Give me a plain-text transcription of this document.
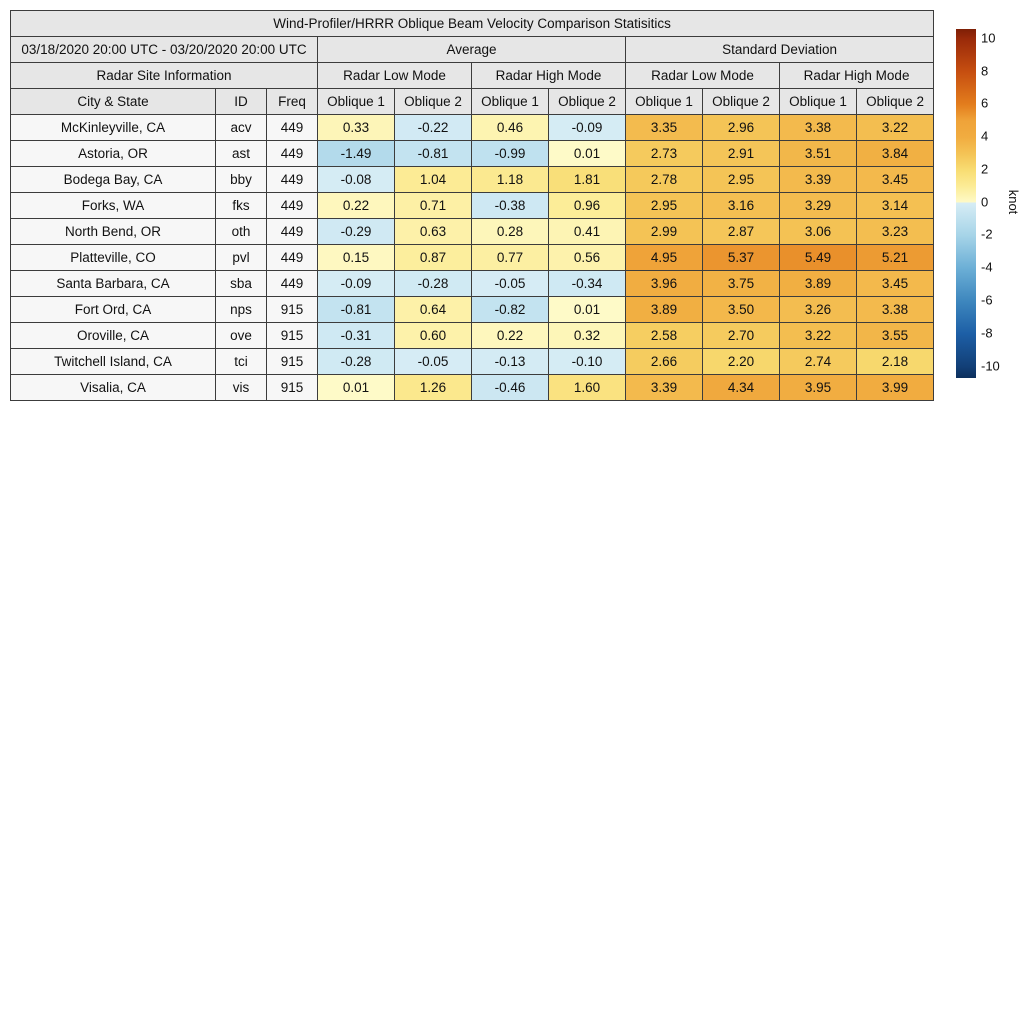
Wind-Profiler/HRRR Oblique Beam Velocity Comparison Statisitics										
03/18/2020 20:00 UTC - 03/20/2020 20:00 UTC			Average				Standard Deviation			
Radar Site Information			Radar Low Mode		Radar High Mode		Radar Low Mode		Radar High Mode	
City & State	ID	Freq	Oblique 1	Oblique 2	Oblique 1	Oblique 2	Oblique 1	Oblique 2	Oblique 1	Oblique 2
McKinleyville, CA	acv	449	0.33	-0.22	0.46	-0.09	3.35	2.96	3.38	3.22
Astoria, OR	ast	449	-1.49	-0.81	-0.99	0.01	2.73	2.91	3.51	3.84
Bodega Bay, CA	bby	449	-0.08	1.04	1.18	1.81	2.78	2.95	3.39	3.45
Forks, WA	fks	449	0.22	0.71	-0.38	0.96	2.95	3.16	3.29	3.14
North Bend, OR	oth	449	-0.29	0.63	0.28	0.41	2.99	2.87	3.06	3.23
Platteville, CO	pvl	449	0.15	0.87	0.77	0.56	4.95	5.37	5.49	5.21
Santa Barbara, CA	sba	449	-0.09	-0.28	-0.05	-0.34	3.96	3.75	3.89	3.45
Fort Ord, CA	nps	915	-0.81	0.64	-0.82	0.01	3.89	3.50	3.26	3.38
Oroville, CA	ove	915	-0.31	0.60	0.22	0.32	2.58	2.70	3.22	3.55
Twitchell Island, CA	tci	915	-0.28	-0.05	-0.13	-0.10	2.66	2.20	2.74	2.18
Visalia, CA	vis	915	0.01	1.26	-0.46	1.60	3.39	4.34	3.95	3.99
10
8
6
4
2
0
-2
-4
-6
-8
-10
knot
